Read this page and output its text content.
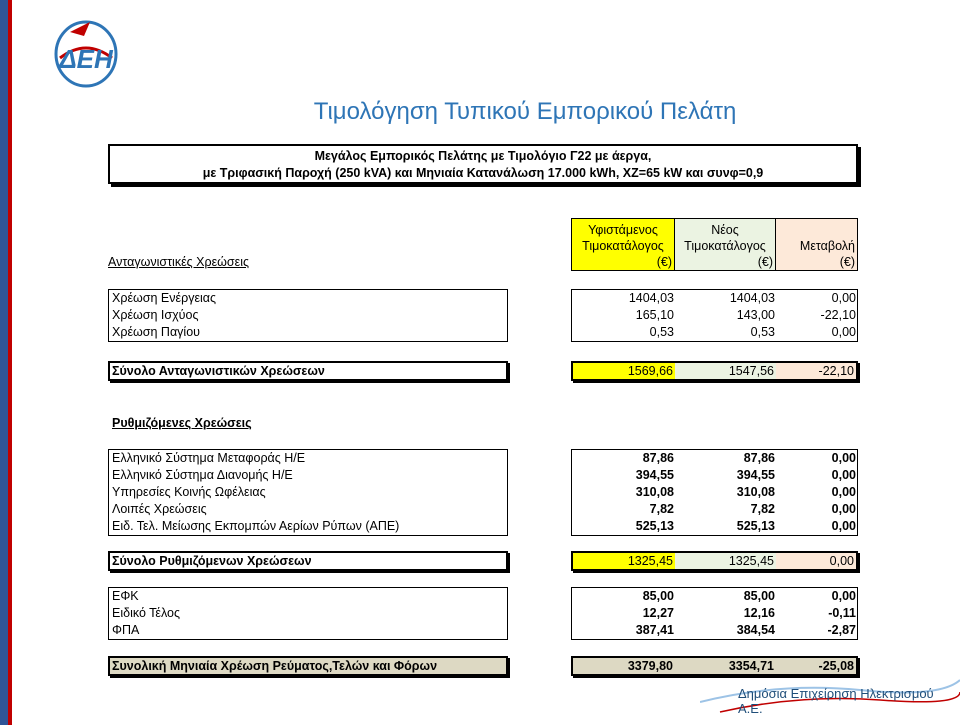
ΔΕΗ
Τιμολόγηση Τυπικού Εμπορικού Πελάτη
Μεγάλος Εμπορικός Πελάτης με Τιμολόγιο Γ22 με άεργα,
με Τριφασική Παροχή (250 kVA) και Μηνιαία Κατανάλωση 17.000 kWh, ΧΖ=65 kW και συνφ=0,9
Ανταγωνιστικές Χρεώσεις
Υφιστάμενος
Τιμοκατάλογος
(€)
Νέος
Τιμοκατάλογος
(€)
Μεταβολή
(€)
Χρέωση Ενέργειας	1404,03	1404,03	0,00
Χρέωση Ισχύος	165,10	143,00	-22,10
Χρέωση Παγίου	0,53	0,53	0,00
Σύνολο Ανταγωνιστικών Χρεώσεων	1569,66	1547,56	-22,10
Ρυθμιζόμενες Χρεώσεις
Ελληνικό Σύστημα Μεταφοράς Η/Ε	87,86	87,86	0,00
Ελληνικό Σύστημα Διανομής Η/Ε	394,55	394,55	0,00
Υπηρεσίες Κοινής Ωφέλειας	310,08	310,08	0,00
Λοιπές Χρεώσεις	7,82	7,82	0,00
Ειδ. Τελ. Μείωσης Εκπομπών Αερίων Ρύπων (ΑΠΕ)	525,13	525,13	0,00
Σύνολο Ρυθμιζόμενων Χρεώσεων	1325,45	1325,45	0,00
ΕΦΚ	85,00	85,00	0,00
Ειδικό Τέλος	12,27	12,16	-0,11
ΦΠΑ	387,41	384,54	-2,87
Συνολική Μηνιαία Χρέωση Ρεύματος,Τελών και Φόρων	3379,80	3354,71	-25,08
Δημόσια Επιχείρηση Ηλεκτρισμού Α.Ε.
